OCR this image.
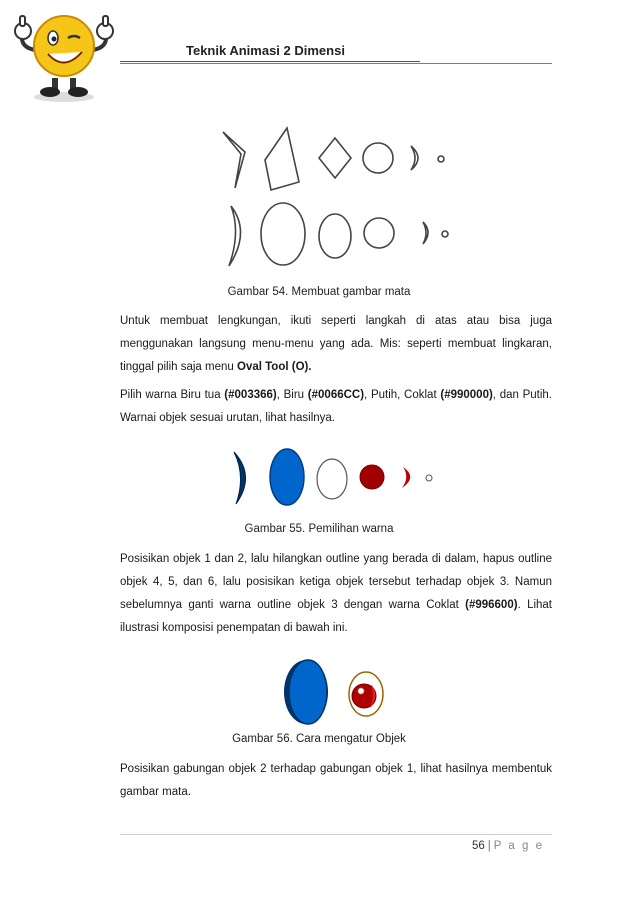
Teknik Animasi 2 Dimensi
Gambar 54. Membuat gambar mata
Untuk membuat lengkungan, ikuti seperti langkah di atas atau bisa juga menggunakan langsung menu-menu yang ada. Mis: seperti membuat lingkaran, tinggal pilih saja menu Oval Tool (O).
Pilih warna Biru tua (#003366), Biru (#0066CC), Putih, Coklat (#990000), dan Putih. Warnai objek sesuai urutan, lihat hasilnya.
Gambar 55. Pemilihan warna
Posisikan objek 1 dan 2, lalu hilangkan outline yang berada di dalam, hapus outline objek 4, 5, dan 6, lalu posisikan ketiga objek tersebut terhadap objek 3. Namun sebelumnya ganti warna outline objek 3 dengan warna Coklat (#996600). Lihat ilustrasi komposisi penempatan di bawah ini.
Gambar 56. Cara mengatur Objek
Posisikan gabungan objek 2 terhadap gabungan objek 1, lihat hasilnya membentuk gambar mata.
56 | P a g e
